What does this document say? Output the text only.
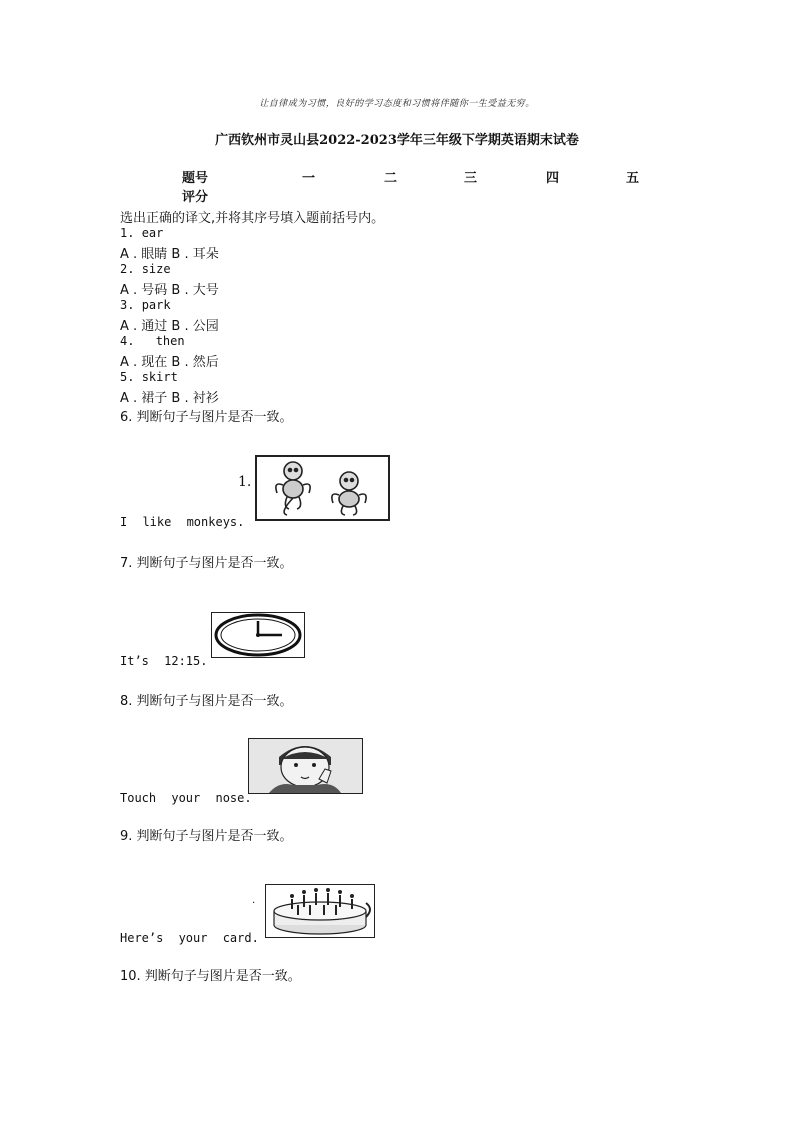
让自律成为习惯，良好的学习态度和习惯将伴随你一生受益无穷。
广西钦州市灵山县2022-2023学年三年级下学期英语期末试卷
题号	一	二	三	四	五
评分
选出正确的译文,并将其序号填入题前括号内。
1. ear
A . 眼睛 B . 耳朵
2. size
A . 号码 B . 大号
3. park
A . 通过 B . 公园
4. then
A . 现在 B . 然后
5. skirt
A . 裙子 B . 衬衫
6. 判断句子与图片是否一致。
1.
I like monkeys.
7. 判断句子与图片是否一致。
It’s 12:15.
8. 判断句子与图片是否一致。
Touch your nose.
9. 判断句子与图片是否一致。
·
Here’s your card.
10. 判断句子与图片是否一致。
